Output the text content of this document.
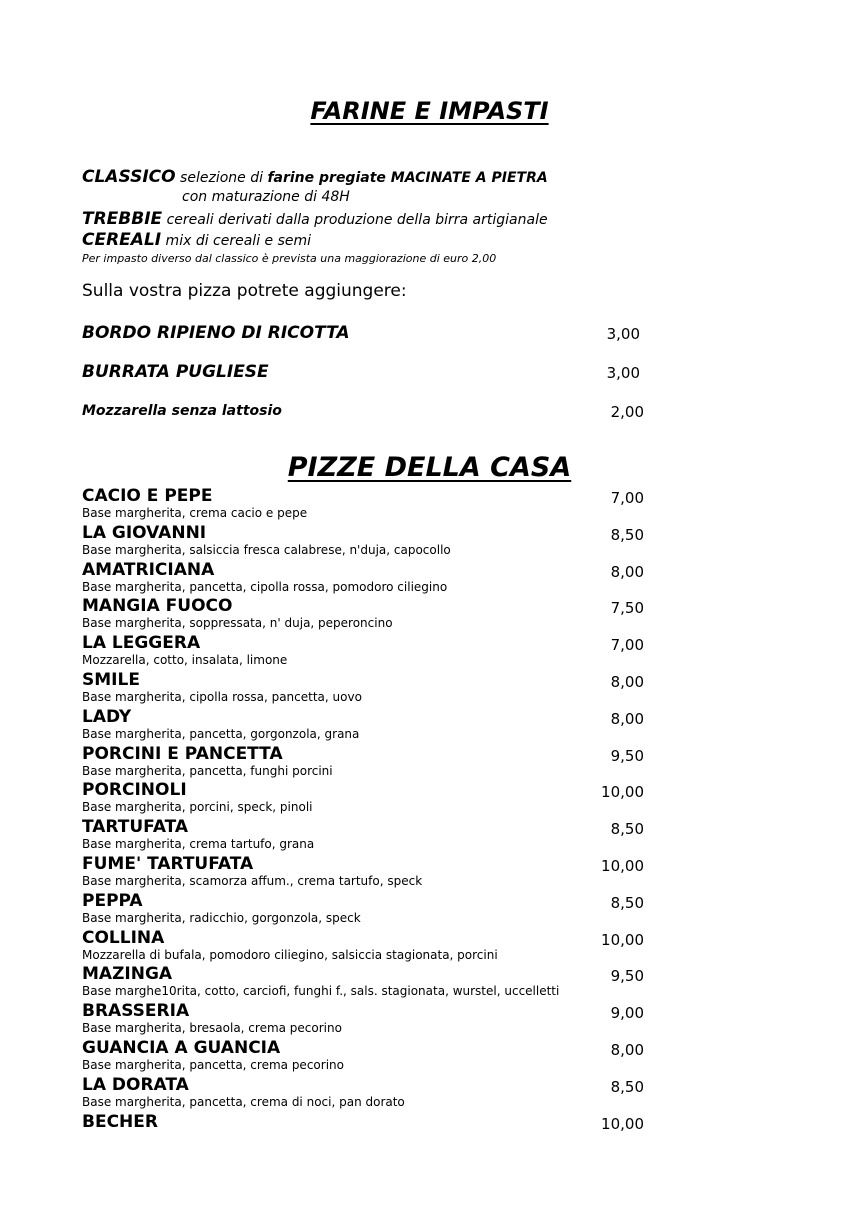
FARINE E IMPASTI
CLASSICO selezione di farine pregiate MACINATE A PIETRA
con maturazione di 48H
TREBBIE cereali derivati dalla produzione della birra artigianale
CEREALI mix di cereali e semi
Per impasto diverso dal classico è prevista una maggiorazione di euro 2,00
Sulla vostra pizza potrete aggiungere:
BORDO RIPIENO DI RICOTTA	3,00
BURRATA PUGLIESE	3,00
Mozzarella senza lattosio	2,00
PIZZE DELLA CASA
CACIO E PEPE	7,00
Base margherita, crema cacio e pepe
LA GIOVANNI	8,50
Base margherita, salsiccia fresca calabrese, n'duja, capocollo
AMATRICIANA	8,00
Base margherita, pancetta, cipolla rossa, pomodoro ciliegino
MANGIA FUOCO	7,50
Base margherita, soppressata, n' duja, peperoncino
LA LEGGERA	7,00
Mozzarella, cotto, insalata, limone
SMILE	8,00
Base margherita, cipolla rossa, pancetta, uovo
LADY	8,00
Base margherita, pancetta, gorgonzola, grana
PORCINI E PANCETTA	9,50
Base margherita, pancetta, funghi porcini
PORCINOLI	10,00
Base margherita, porcini, speck, pinoli
TARTUFATA	8,50
Base margherita, crema tartufo, grana
FUME' TARTUFATA	10,00
Base margherita, scamorza affum., crema tartufo, speck
PEPPA	8,50
Base margherita, radicchio, gorgonzola, speck
COLLINA	10,00
Mozzarella di bufala, pomodoro ciliegino, salsiccia stagionata, porcini
MAZINGA	9,50
Base marghe10rita, cotto, carciofi, funghi f., sals. stagionata, wurstel, uccelletti
BRASSERIA	9,00
Base margherita, bresaola, crema pecorino
GUANCIA A GUANCIA	8,00
Base margherita, pancetta, crema pecorino
LA DORATA	8,50
Base margherita, pancetta, crema di noci, pan dorato
BECHER	10,00
